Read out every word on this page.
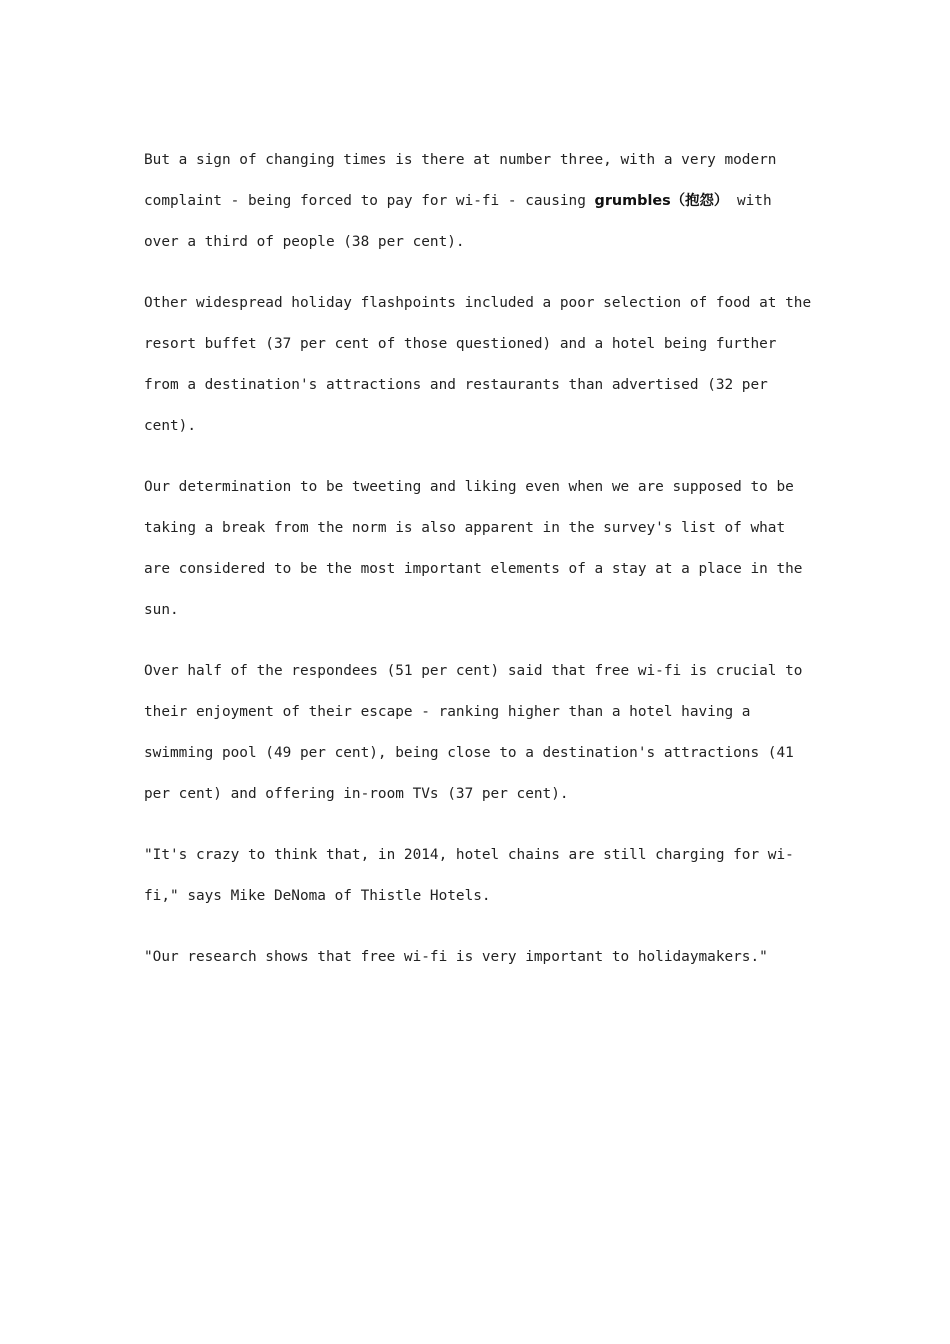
But a sign of changing times is there at number three, with a very modern complaint - being forced to pay for wi-fi - causing grumbles（抱怨） with over a third of people (38 per cent).

Other widespread holiday flashpoints included a poor selection of food at the resort buffet (37 per cent of those questioned) and a hotel being further from a destination's attractions and restaurants than advertised (32 per cent).

Our determination to be tweeting and liking even when we are supposed to be taking a break from the norm is also apparent in the survey's list of what are considered to be the most important elements of a stay at a place in the sun.

Over half of the respondees (51 per cent) said that free wi-fi is crucial to their enjoyment of their escape - ranking higher than a hotel having a swimming pool (49 per cent), being close to a destination's attractions (41 per cent) and offering in-room TVs (37 per cent).

"It's crazy to think that, in 2014, hotel chains are still charging for wi-fi," says Mike DeNoma of Thistle Hotels.

"Our research shows that free wi-fi is very important to holidaymakers."
